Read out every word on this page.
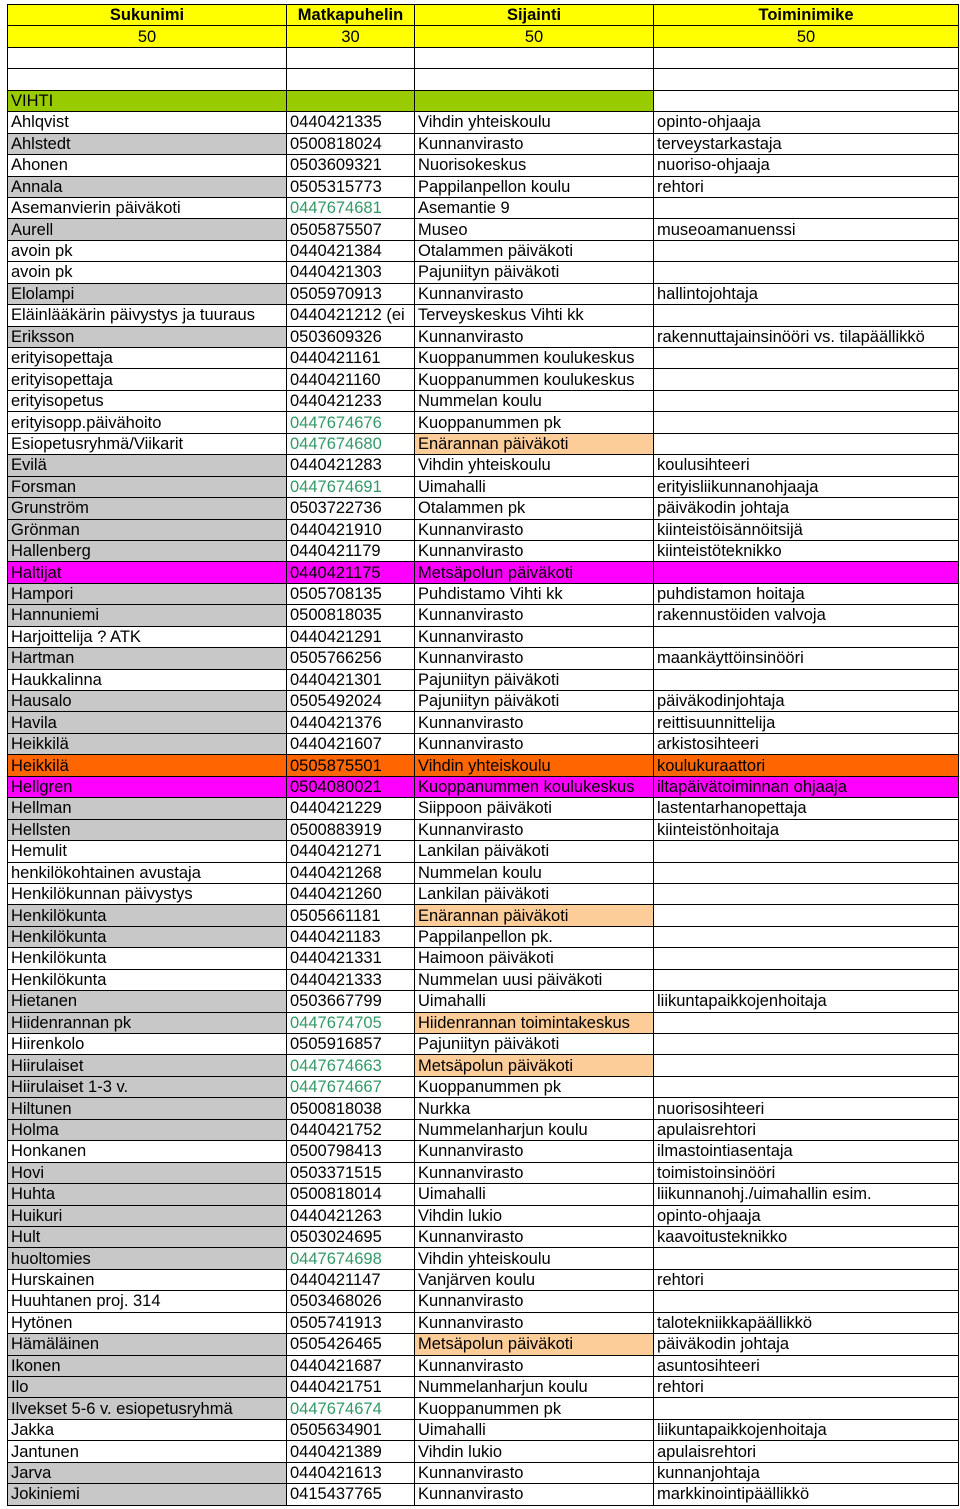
Sukunimi	Matkapuhelin	Sijainti	Toiminimike
50	30	50	50

VIHTI			
Ahlqvist	0440421335	Vihdin yhteiskoulu	opinto-ohjaaja
Ahlstedt	0500818024	Kunnanvirasto	terveystarkastaja
Ahonen	0503609321	Nuorisokeskus	nuoriso-ohjaaja
Annala	0505315773	Pappilanpellon koulu	rehtori
Asemanvierin päiväkoti	0447674681	Asemantie 9	
Aurell	0505875507	Museo	museoamanuenssi
avoin pk	0440421384	Otalammen päiväkoti	
avoin pk	0440421303	Pajuniityn päiväkoti	
Elolampi	0505970913	Kunnanvirasto	hallintojohtaja
Eläinlääkärin päivystys ja tuuraus	0440421212 (ei	Terveyskeskus Vihti kk	
Eriksson	0503609326	Kunnanvirasto	rakennuttajainsinööri vs. tilapäällikkö
erityisopettaja	0440421161	Kuoppanummen koulukeskus	
erityisopettaja	0440421160	Kuoppanummen koulukeskus	
erityisopetus	0440421233	Nummelan koulu	
erityisopp.päivähoito	0447674676	Kuoppanummen pk	
Esiopetusryhmä/Viikarit	0447674680	Enärannan päiväkoti	
Evilä	0440421283	Vihdin yhteiskoulu	koulusihteeri
Forsman	0447674691	Uimahalli	erityisliikunnanohjaaja
Grunström	0503722736	Otalammen pk	päiväkodin johtaja
Grönman	0440421910	Kunnanvirasto	kiinteistöisännöitsijä
Hallenberg	0440421179	Kunnanvirasto	kiinteistöteknikko
Haltijat	0440421175	Metsäpolun päiväkoti	
Hampori	0505708135	Puhdistamo Vihti kk	puhdistamon hoitaja
Hannuniemi	0500818035	Kunnanvirasto	rakennustöiden valvoja
Harjoittelija ? ATK	0440421291	Kunnanvirasto	
Hartman	0505766256	Kunnanvirasto	maankäyttöinsinööri
Haukkalinna	0440421301	Pajuniityn päiväkoti	
Hausalo	0505492024	Pajuniityn päiväkoti	päiväkodinjohtaja
Havila	0440421376	Kunnanvirasto	reittisuunnittelija
Heikkilä	0440421607	Kunnanvirasto	arkistosihteeri
Heikkilä	0505875501	Vihdin yhteiskoulu	koulukuraattori
Hellgren	0504080021	Kuoppanummen koulukeskus	iltapäivätoiminnan ohjaaja
Hellman	0440421229	Siippoon päiväkoti	lastentarhanopettaja
Hellsten	0500883919	Kunnanvirasto	kiinteistönhoitaja
Hemulit	0440421271	Lankilan päiväkoti	
henkilökohtainen avustaja	0440421268	Nummelan koulu	
Henkilökunnan päivystys	0440421260	Lankilan päiväkoti	
Henkilökunta	0505661181	Enärannan päiväkoti	
Henkilökunta	0440421183	Pappilanpellon pk.	
Henkilökunta	0440421331	Haimoon päiväkoti	
Henkilökunta	0440421333	Nummelan uusi päiväkoti	
Hietanen	0503667799	Uimahalli	liikuntapaikkojenhoitaja
Hiidenrannan pk	0447674705	Hiidenrannan toimintakeskus	
Hiirenkolo	0505916857	Pajuniityn päiväkoti	
Hiirulaiset	0447674663	Metsäpolun päiväkoti	
Hiirulaiset 1-3 v.	0447674667	Kuoppanummen pk	
Hiltunen	0500818038	Nurkka	nuorisosihteeri
Holma	0440421752	Nummelanharjun koulu	apulaisrehtori
Honkanen	0500798413	Kunnanvirasto	ilmastointiasentaja
Hovi	0503371515	Kunnanvirasto	toimistoinsinööri
Huhta	0500818014	Uimahalli	liikunnanohj./uimahallin esim.
Huikuri	0440421263	Vihdin lukio	opinto-ohjaaja
Hult	0503024695	Kunnanvirasto	kaavoitusteknikko
huoltomies	0447674698	Vihdin yhteiskoulu	
Hurskainen	0440421147	Vanjärven koulu	rehtori
Huuhtanen proj. 314	0503468026	Kunnanvirasto	
Hytönen	0505741913	Kunnanvirasto	talotekniikkapäällikkö
Hämäläinen	0505426465	Metsäpolun päiväkoti	päiväkodin johtaja
Ikonen	0440421687	Kunnanvirasto	asuntosihteeri
Ilo	0440421751	Nummelanharjun koulu	rehtori
Ilvekset 5-6 v. esiopetusryhmä	0447674674	Kuoppanummen pk	
Jakka	0505634901	Uimahalli	liikuntapaikkojenhoitaja
Jantunen	0440421389	Vihdin lukio	apulaisrehtori
Jarva	0440421613	Kunnanvirasto	kunnanjohtaja
Jokiniemi	0415437765	Kunnanvirasto	markkinointipäällikkö
